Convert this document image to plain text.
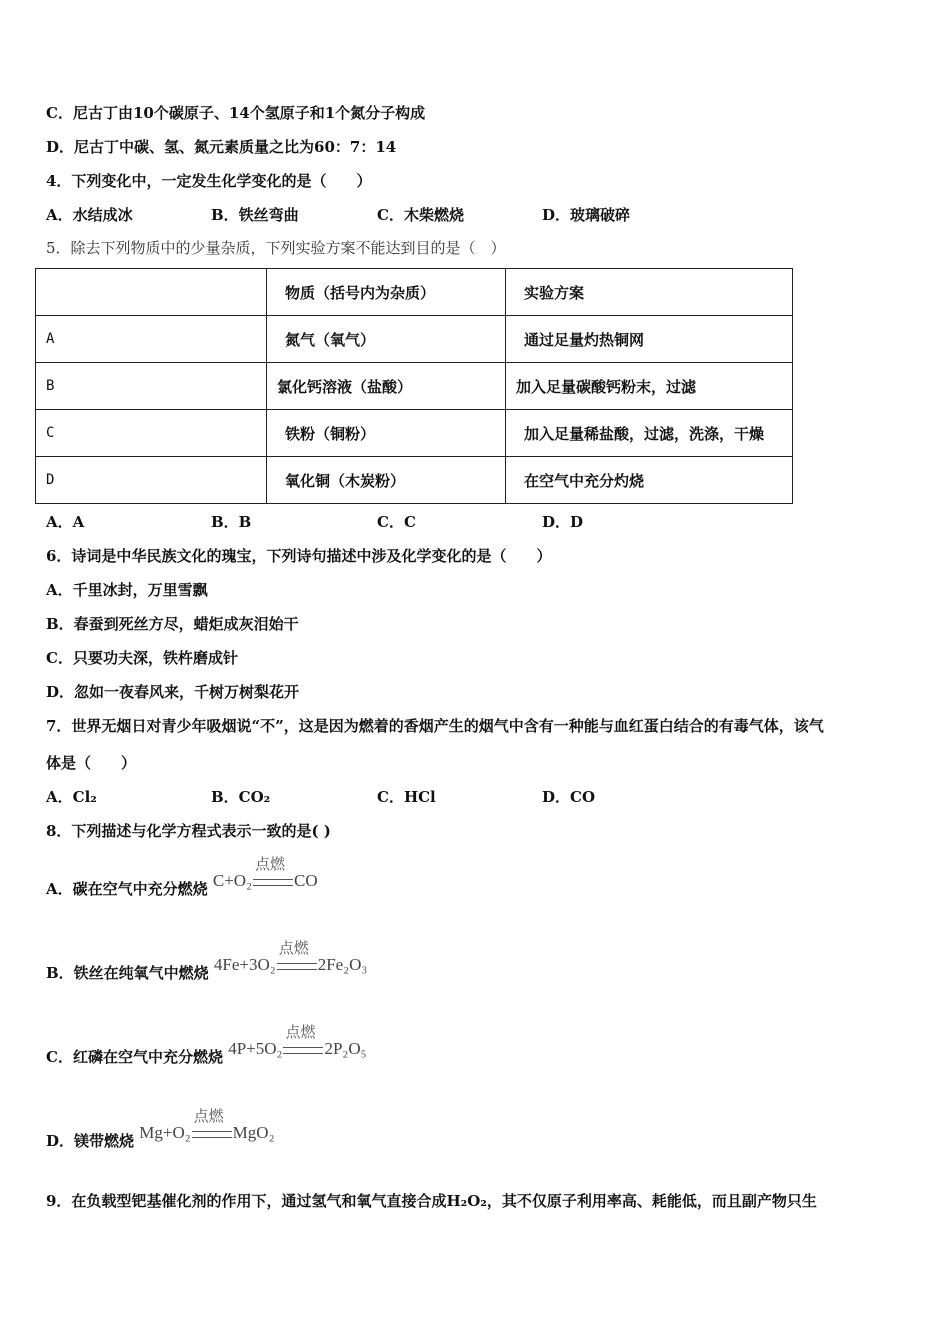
C．尼古丁由10个碳原子、14个氢原子和1个氮分子构成
D．尼古丁中碳、氢、氮元素质量之比为60：7：14
4．下列变化中，一定发生化学变化的是（　　）
A．水结成冰	B．铁丝弯曲	C．木柴燃烧	D．玻璃破碎
5．除去下列物质中的少量杂质，下列实验方案不能达到目的是（　）
	物质（括号内为杂质）	实验方案
A	氮气（氧气）	通过足量灼热铜网
B	氯化钙溶液（盐酸）	加入足量碳酸钙粉末，过滤
C	铁粉（铜粉）	加入足量稀盐酸，过滤，洗涤，干燥
D	氧化铜（木炭粉）	在空气中充分灼烧
A．A	B．B	C．C	D．D
6．诗词是中华民族文化的瑰宝，下列诗句描述中涉及化学变化的是（　　）
A．千里冰封，万里雪飘
B．春蚕到死丝方尽，蜡炬成灰泪始干
C．只要功夫深，铁杵磨成针
D．忽如一夜春风来，千树万树梨花开
7．世界无烟日对青少年吸烟说“不”，这是因为燃着的香烟产生的烟气中含有一种能与血红蛋白结合的有毒气体，该气
体是（　　）
A．Cl₂	B．CO₂	C．HCl	D．CO
8．下列描述与化学方程式表示一致的是( )
A．碳在空气中充分燃烧 C+O₂
点燃
CO
B．铁丝在纯氧气中燃烧 4Fe+3O₂
点燃
2Fe₂O₃
C．红磷在空气中充分燃烧 4P+5O₂
点燃
2P₂O₅
D．镁带燃烧 Mg+O₂
点燃
MgO₂
9．在负载型钯基催化剂的作用下，通过氢气和氧气直接合成H₂O₂，其不仅原子利用率高、耗能低，而且副产物只生
